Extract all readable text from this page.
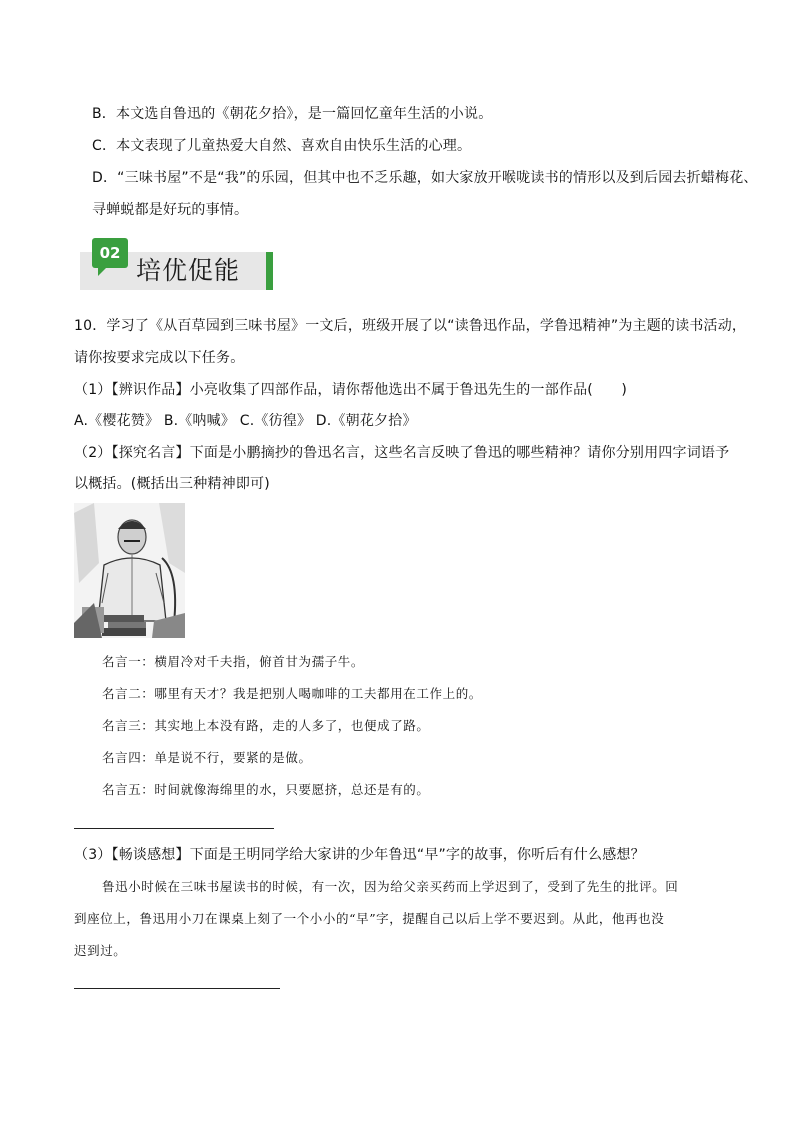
B．本文选自鲁迅的《朝花夕拾》，是一篇回忆童年生活的小说。
C．本文表现了儿童热爱大自然、喜欢自由快乐生活的心理。
D．“三味书屋”不是“我”的乐园，但其中也不乏乐趣，如大家放开喉咙读书的情形以及到后园去折蜡梅花、
寻蝉蜕都是好玩的事情。
02
培优促能
10．学习了《从百草园到三味书屋》一文后，班级开展了以“读鲁迅作品，学鲁迅精神”为主题的读书活动，
请你按要求完成以下任务。
（1）【辨识作品】小亮收集了四部作品，请你帮他选出不属于鲁迅先生的一部作品(　　)
A.《樱花赞》 B.《呐喊》 C.《彷徨》 D.《朝花夕拾》
（2）【探究名言】下面是小鹏摘抄的鲁迅名言，这些名言反映了鲁迅的哪些精神？请你分别用四字词语予
以概括。(概括出三种精神即可)
名言一：横眉冷对千夫指，俯首甘为孺子牛。
名言二：哪里有天才？我是把别人喝咖啡的工夫都用在工作上的。
名言三：其实地上本没有路，走的人多了，也便成了路。
名言四：单是说不行，要紧的是做。
名言五：时间就像海绵里的水，只要愿挤，总还是有的。
（3）【畅谈感想】下面是王明同学给大家讲的少年鲁迅“早”字的故事，你听后有什么感想？
鲁迅小时候在三味书屋读书的时候，有一次，因为给父亲买药而上学迟到了，受到了先生的批评。回
到座位上，鲁迅用小刀在课桌上刻了一个小小的“早”字，提醒自己以后上学不要迟到。从此，他再也没
迟到过。
